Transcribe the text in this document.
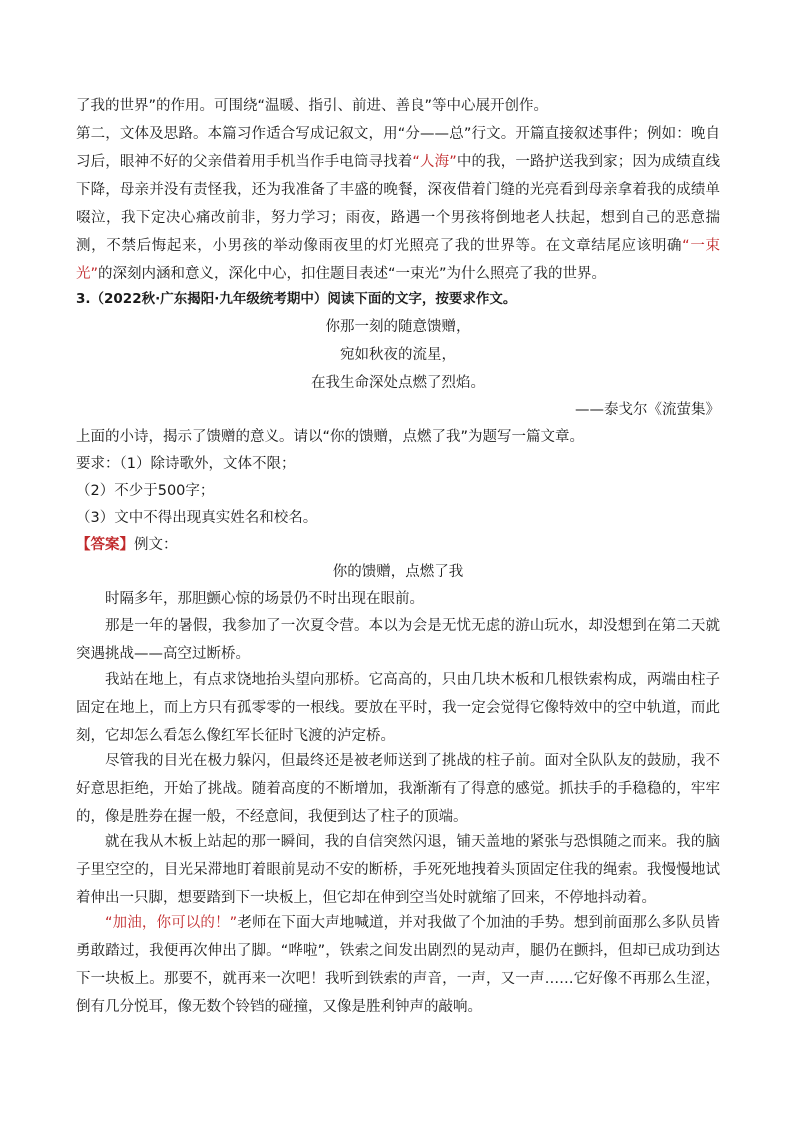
了我的世界”的作用。可围绕“温暖、指引、前进、善良”等中心展开创作。

第二，文体及思路。本篇习作适合写成记叙文，用“分——总”行文。开篇直接叙述事件；例如：晚自习后，眼神不好的父亲借着用手机当作手电筒寻找着“人海”中的我，一路护送我到家；因为成绩直线下降，母亲并没有责怪我，还为我准备了丰盛的晚餐，深夜借着门缝的光亮看到母亲拿着我的成绩单啜泣，我下定决心痛改前非，努力学习；雨夜，路遇一个男孩将倒地老人扶起，想到自己的恶意揣测，不禁后悔起来，小男孩的举动像雨夜里的灯光照亮了我的世界等。在文章结尾应该明确“一束光”的深刻内涵和意义，深化中心，扣住题目表述“一束光”为什么照亮了我的世界。

3.（2022秋·广东揭阳·九年级统考期中）阅读下面的文字，按要求作文。

你那一刻的随意馈赠，

宛如秋夜的流星，

在我生命深处点燃了烈焰。

——泰戈尔《流萤集》

上面的小诗，揭示了馈赠的意义。请以“你的馈赠，点燃了我”为题写一篇文章。

要求：（1）除诗歌外，文体不限；

（2）不少于500字；

（3）文中不得出现真实姓名和校名。

【答案】例文：

你的馈赠，点燃了我

时隔多年，那胆颤心惊的场景仍不时出现在眼前。

那是一年的暑假，我参加了一次夏令营。本以为会是无忧无虑的游山玩水，却没想到在第二天就突遇挑战——高空过断桥。

我站在地上，有点求饶地抬头望向那桥。它高高的，只由几块木板和几根铁索构成，两端由柱子固定在地上，而上方只有孤零零的一根线。要放在平时，我一定会觉得它像特效中的空中轨道，而此刻，它却怎么看怎么像红军长征时飞渡的泸定桥。

尽管我的目光在极力躲闪，但最终还是被老师送到了挑战的柱子前。面对全队队友的鼓励，我不好意思拒绝，开始了挑战。随着高度的不断增加，我渐渐有了得意的感觉。抓扶手的手稳稳的，牢牢的，像是胜券在握一般，不经意间，我便到达了柱子的顶端。

就在我从木板上站起的那一瞬间，我的自信突然闪退，铺天盖地的紧张与恐惧随之而来。我的脑子里空空的，目光呆滞地盯着眼前晃动不安的断桥，手死死地拽着头顶固定住我的绳索。我慢慢地试着伸出一只脚，想要踏到下一块板上，但它却在伸到空当处时就缩了回来，不停地抖动着。

“加油，你可以的！”老师在下面大声地喊道，并对我做了个加油的手势。想到前面那么多队员皆勇敢踏过，我便再次伸出了脚。“哗啦”，铁索之间发出剧烈的晃动声，腿仍在颤抖，但却已成功到达下一块板上。那要不，就再来一次吧！我听到铁索的声音，一声，又一声……它好像不再那么生涩，倒有几分悦耳，像无数个铃铛的碰撞，又像是胜利钟声的敲响。
